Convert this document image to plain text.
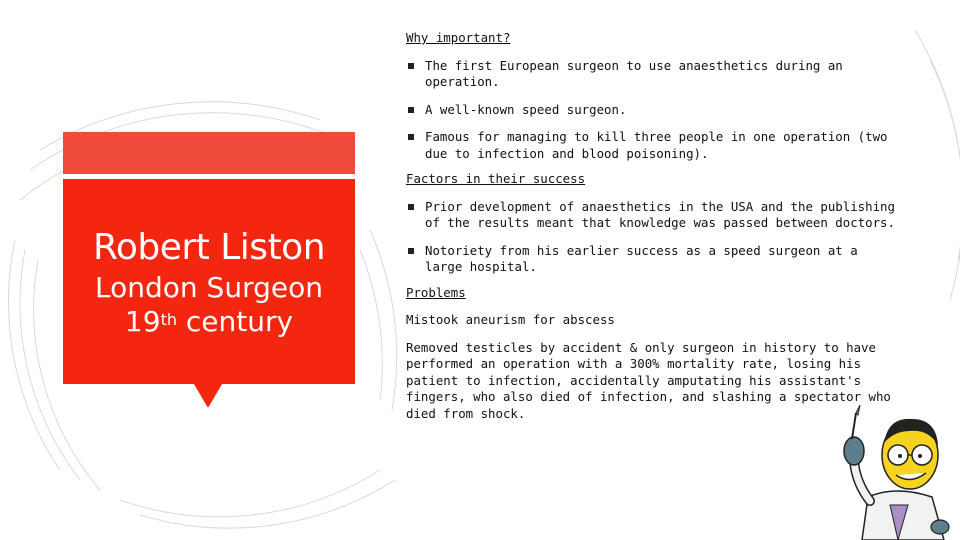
Robert Liston
London Surgeon
19th century

Why important?

The first European surgeon to use anaesthetics during an operation.
A well-known speed surgeon.
Famous for managing to kill three people in one operation (two due to infection and blood poisoning).

Factors in their success

Prior development of anaesthetics in the USA and the publishing of the results meant that knowledge was passed between doctors.
Notoriety from his earlier success as a speed surgeon at a large hospital.

Problems

Mistook aneurism for abscess

Removed testicles by accident & only surgeon in history to have performed an operation with a 300% mortality rate, losing his patient to infection, accidentally amputating his assistant's fingers, who also died of infection, and slashing a spectator who died from shock.
